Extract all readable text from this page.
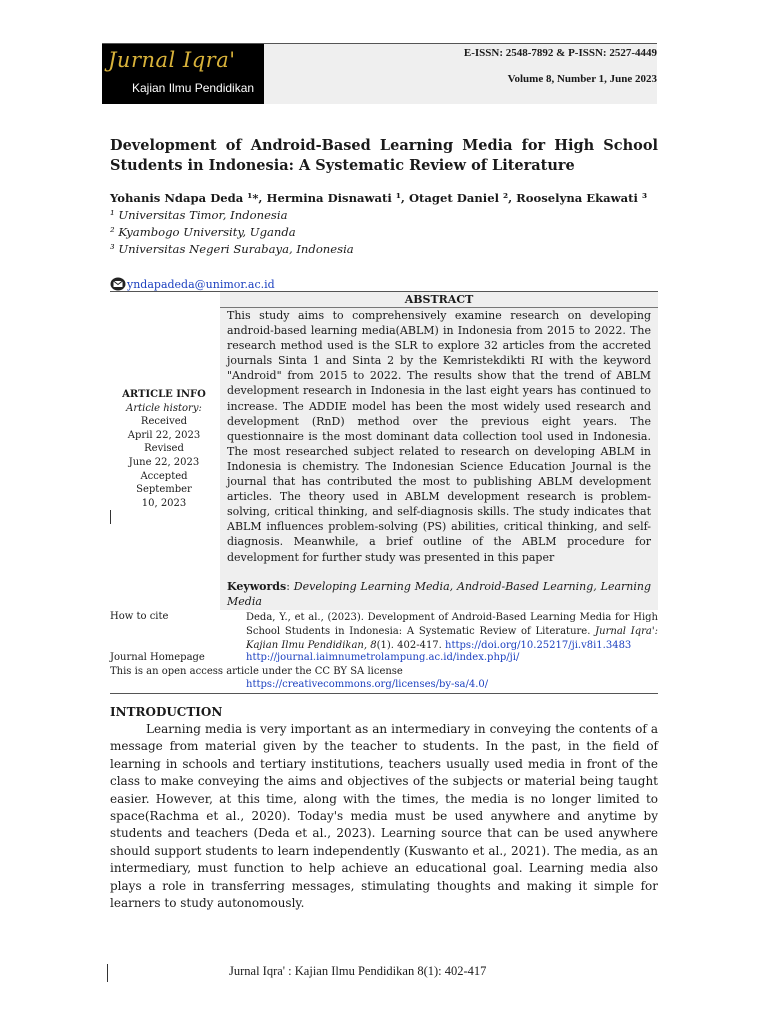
Jurnal Iqra'
Kajian Ilmu Pendidikan
E-ISSN: 2548-7892 & P-ISSN: 2527-4449
Volume 8, Number 1, June 2023
Development of Android-Based Learning Media for High School Students in Indonesia: A Systematic Review of Literature
Yohanis Ndapa Deda ¹*, Hermina Disnawati ¹, Otaget Daniel ², Rooselyna Ekawati ³
¹ Universitas Timor, Indonesia
² Kyambogo University, Uganda
³ Universitas Negeri Surabaya, Indonesia
yndapadeda@unimor.ac.id
ABSTRACT
This study aims to comprehensively examine research on developing android-based learning media(ABLM) in Indonesia from 2015 to 2022. The research method used is the SLR to explore 32 articles from the accreted journals Sinta 1 and Sinta 2 by the Kemristekdikti RI with the keyword "Android" from 2015 to 2022. The results show that the trend of ABLM development research in Indonesia in the last eight years has continued to increase. The ADDIE model has been the most widely used research and development (RnD) method over the previous eight years. The questionnaire is the most dominant data collection tool used in Indonesia. The most researched subject related to research on developing ABLM in Indonesia is chemistry. The Indonesian Science Education Journal is the journal that has contributed the most to publishing ABLM development articles. The theory used in ABLM development research is problem-solving, critical thinking, and self-diagnosis skills. The study indicates that ABLM influences problem-solving (PS) abilities, critical thinking, and self-diagnosis. Meanwhile, a brief outline of the ABLM procedure for development for further study was presented in this paper
Keywords: Developing Learning Media, Android-Based Learning, Learning Media
ARTICLE INFO
Article history:
Received
April 22, 2023
Revised
June 22, 2023
Accepted
September 10, 2023
How to cite	Deda, Y., et al., (2023). Development of Android-Based Learning Media for High School Students in Indonesia: A Systematic Review of Literature. Jurnal Iqra': Kajian Ilmu Pendidikan, 8(1). 402-417. https://doi.org/10.25217/ji.v8i1.3483
Journal Homepage	http://journal.iaimnumetrolampung.ac.id/index.php/ji/
This is an open access article under the CC BY SA license
https://creativecommons.org/licenses/by-sa/4.0/
INTRODUCTION
Learning media is very important as an intermediary in conveying the contents of a message from material given by the teacher to students. In the past, in the field of learning in schools and tertiary institutions, teachers usually used media in front of the class to make conveying the aims and objectives of the subjects or material being taught easier. However, at this time, along with the times, the media is no longer limited to space(Rachma et al., 2020). Today's media must be used anywhere and anytime by students and teachers (Deda et al., 2023). Learning source that can be used anywhere should support students to learn independently (Kuswanto et al., 2021). The media, as an intermediary, must function to help achieve an educational goal. Learning media also plays a role in transferring messages, stimulating thoughts and making it simple for learners to study autonomously.
Jurnal Iqra' : Kajian Ilmu Pendidikan 8(1): 402-417
